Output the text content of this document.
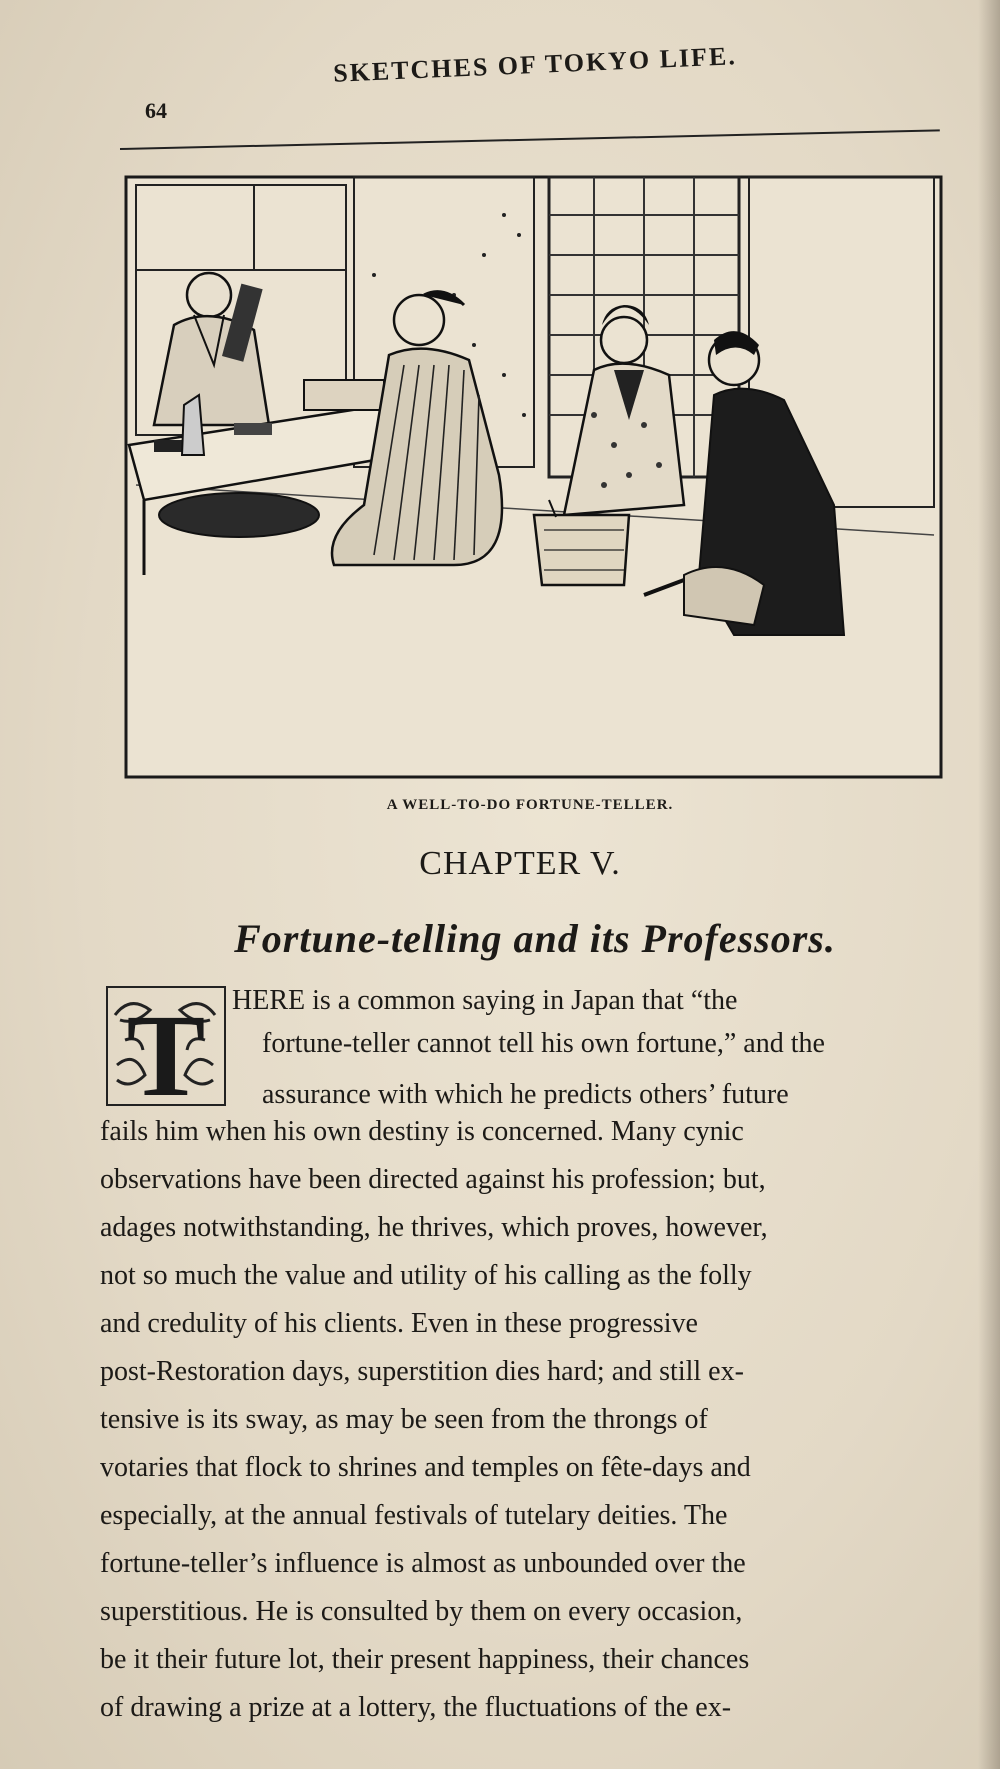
SKETCHES OF TOKYO LIFE.
64
A WELL-TO-DO FORTUNE-TELLER.
CHAPTER V.
Fortune-telling and its Professors.
T HERE is a common saying in Japan that “the
fortune-teller cannot tell his own fortune,” and the
assurance with which he predicts others’ future
fails him when his own destiny is concerned. Many cynic
observations have been directed against his profession; but,
adages notwithstanding, he thrives, which proves, however,
not so much the value and utility of his calling as the folly
and credulity of his clients. Even in these progressive
post-Restoration days, superstition dies hard; and still ex-
tensive is its sway, as may be seen from the throngs of
votaries that flock to shrines and temples on fête-days and
especially, at the annual festivals of tutelary deities. The
fortune-teller’s influence is almost as unbounded over the
superstitious. He is consulted by them on every occasion,
be it their future lot, their present happiness, their chances
of drawing a prize at a lottery, the fluctuations of the ex-
